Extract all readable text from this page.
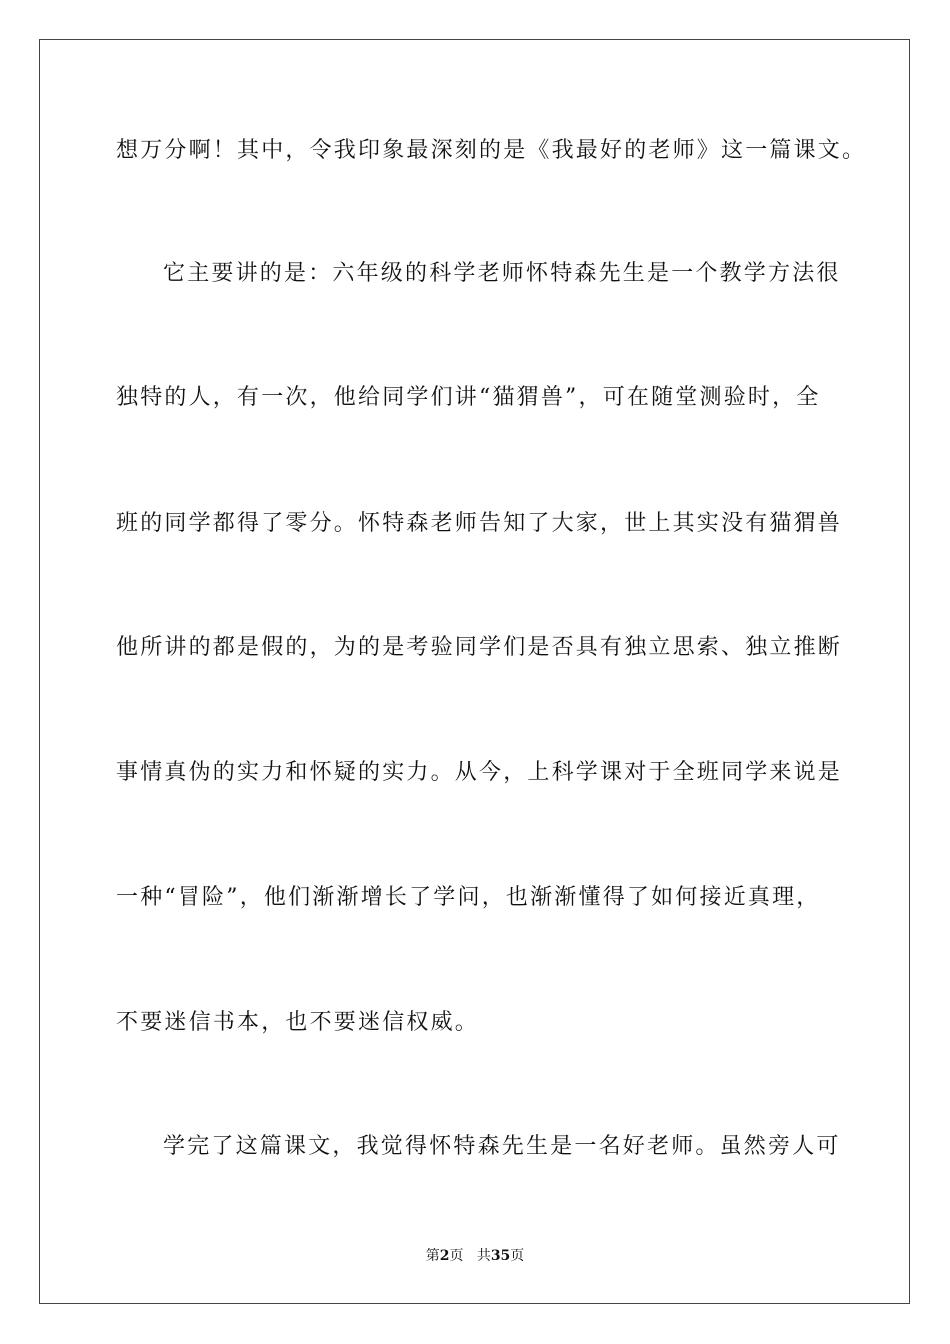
想万分啊！其中，令我印象最深刻的是《我最好的老师》这一篇课文。

它主要讲的是：六年级的科学老师怀特森先生是一个教学方法很

独特的人，有一次，他给同学们讲“猫猬兽”，可在随堂测验时，全

班的同学都得了零分。怀特森老师告知了大家，世上其实没有猫猬兽

他所讲的都是假的，为的是考验同学们是否具有独立思索、独立推断

事情真伪的实力和怀疑的实力。从今，上科学课对于全班同学来说是

一种“冒险”，他们渐渐增长了学问，也渐渐懂得了如何接近真理，

不要迷信书本，也不要迷信权威。

学完了这篇课文，我觉得怀特森先生是一名好老师。虽然旁人可

第2页 共35页
